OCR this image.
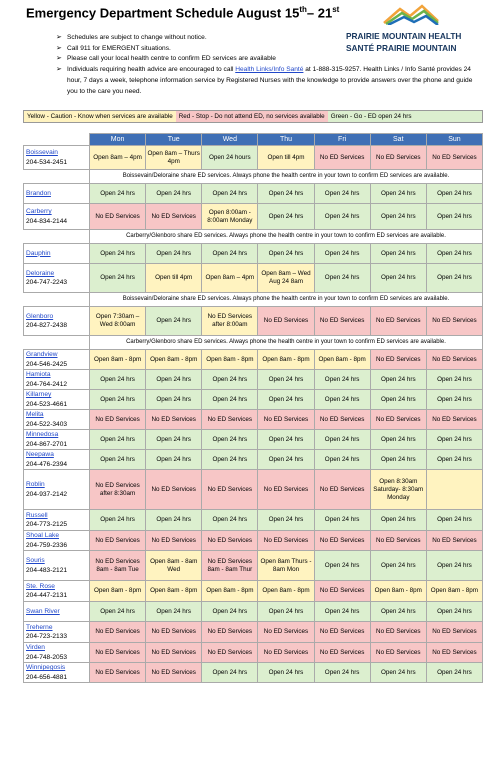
Emergency Department Schedule August 15th– 21st
PRAIRIE MOUNTAIN HEALTH
SANTÉ PRAIRIE MOUNTAIN
➢ Schedules are subject to change without notice.
➢ Call 911 for EMERGENT situations.
➢ Please call your local health centre to confirm ED services are available
➢ Individuals requiring health advice are encouraged to call Health Links/Info Santé at 1-888-315-9257. Health Links / Info Santé provides 24 hour, 7 days a week, telephone information service by Registered Nurses with the knowledge to provide answers over the phone and guide you to the care you need.
Yellow - Caution - Know when services are available Red - Stop - Do not attend ED, no services available Green - Go - ED open 24 hrs
	Mon	Tue	Wed	Thu	Fri	Sat	Sun

Boissevain
204-534-2451	Open 8am – 4pm	Open 8am – Thurs 4pm	Open 24 hours	Open till 4pm	No ED Services	No ED Services	No ED Services
	Boissevain/Deloraine share ED services. Always phone the health centre in your town to confirm ED services are available.						

Brandon	Open 24 hrs	Open 24 hrs	Open 24 hrs	Open 24 hrs	Open 24 hrs	Open 24 hrs	Open 24 hrs

Carberry
204-834-2144	No ED Services	No ED Services	Open 8:00am - 8:00am Monday	Open 24 hrs	Open 24 hrs	Open 24 hrs	Open 24 hrs
	Carberry/Glenboro share ED services. Always phone the health centre in your town to confirm ED services are available.						

Dauphin	Open 24 hrs	Open 24 hrs	Open 24 hrs	Open 24 hrs	Open 24 hrs	Open 24 hrs	Open 24 hrs

Deloraine
204-747-2243	Open 24 hrs	Open till 4pm	Open 8am – 4pm	Open 8am – Wed Aug 24 8am	Open 24 hrs	Open 24 hrs	Open 24 hrs
	Boissevain/Deloraine share ED services. Always phone the health centre in your town to confirm ED services are available.						

Glenboro
204-827-2438	Open 7:30am – Wed 8:00am	Open 24 hrs	No ED Services after 8:00am	No ED Services	No ED Services	No ED Services	No ED Services
	Carberry/Glenboro share ED services. Always phone the health centre in your town to confirm ED services are available.						

Grandview
204-546-2425	Open 8am - 8pm	Open 8am - 8pm	Open 8am - 8pm	Open 8am - 8pm	Open 8am - 8pm	No ED Services	No ED Services

Hamiota
204-764-2412	Open 24 hrs	Open 24 hrs	Open 24 hrs	Open 24 hrs	Open 24 hrs	Open 24 hrs	Open 24 hrs

Killarney
204-523-4661	Open 24 hrs	Open 24 hrs	Open 24 hrs	Open 24 hrs	Open 24 hrs	Open 24 hrs	Open 24 hrs

Melita
204-522-3403	No ED Services	No ED Services	No ED Services	No ED Services	No ED Services	No ED Services	No ED Services

Minnedosa
204-867-2701	Open 24 hrs	Open 24 hrs	Open 24 hrs	Open 24 hrs	Open 24 hrs	Open 24 hrs	Open 24 hrs

Neepawa
204-476-2394	Open 24 hrs	Open 24 hrs	Open 24 hrs	Open 24 hrs	Open 24 hrs	Open 24 hrs	Open 24 hrs

Roblin
204-937-2142	No ED Services after 8:30am	No ED Services	No ED Services	No ED Services	No ED Services	Open 8:30am Saturday- 8:30am Monday	

Russell
204-773-2125	Open 24 hrs	Open 24 hrs	Open 24 hrs	Open 24 hrs	Open 24 hrs	Open 24 hrs	Open 24 hrs

Shoal Lake
204-759-2336	No ED Services	No ED Services	No ED Services	No ED Services	No ED Services	No ED Services	No ED Services

Souris
204-483-2121	No ED Services 8am - 8am Tue	Open 8am - 8am Wed	No ED Services 8am - 8am Thur	Open 8am Thurs - 8am Mon	Open 24 hrs	Open 24 hrs	Open 24 hrs

Ste. Rose
204-447-2131	Open 8am - 8pm	Open 8am - 8pm	Open 8am - 8pm	Open 8am - 8pm	No ED Services	Open 8am - 8pm	Open 8am - 8pm

Swan River	Open 24 hrs	Open 24 hrs	Open 24 hrs	Open 24 hrs	Open 24 hrs	Open 24 hrs	Open 24 hrs

Treherne
204-723-2133	No ED Services	No ED Services	No ED Services	No ED Services	No ED Services	No ED Services	No ED Services

Virden
204-748-2053	No ED Services	No ED Services	No ED Services	No ED Services	No ED Services	No ED Services	No ED Services

Winnipegosis
204-656-4881	No ED Services	No ED Services	Open 24 hrs	Open 24 hrs	Open 24 hrs	Open 24 hrs	Open 24 hrs
